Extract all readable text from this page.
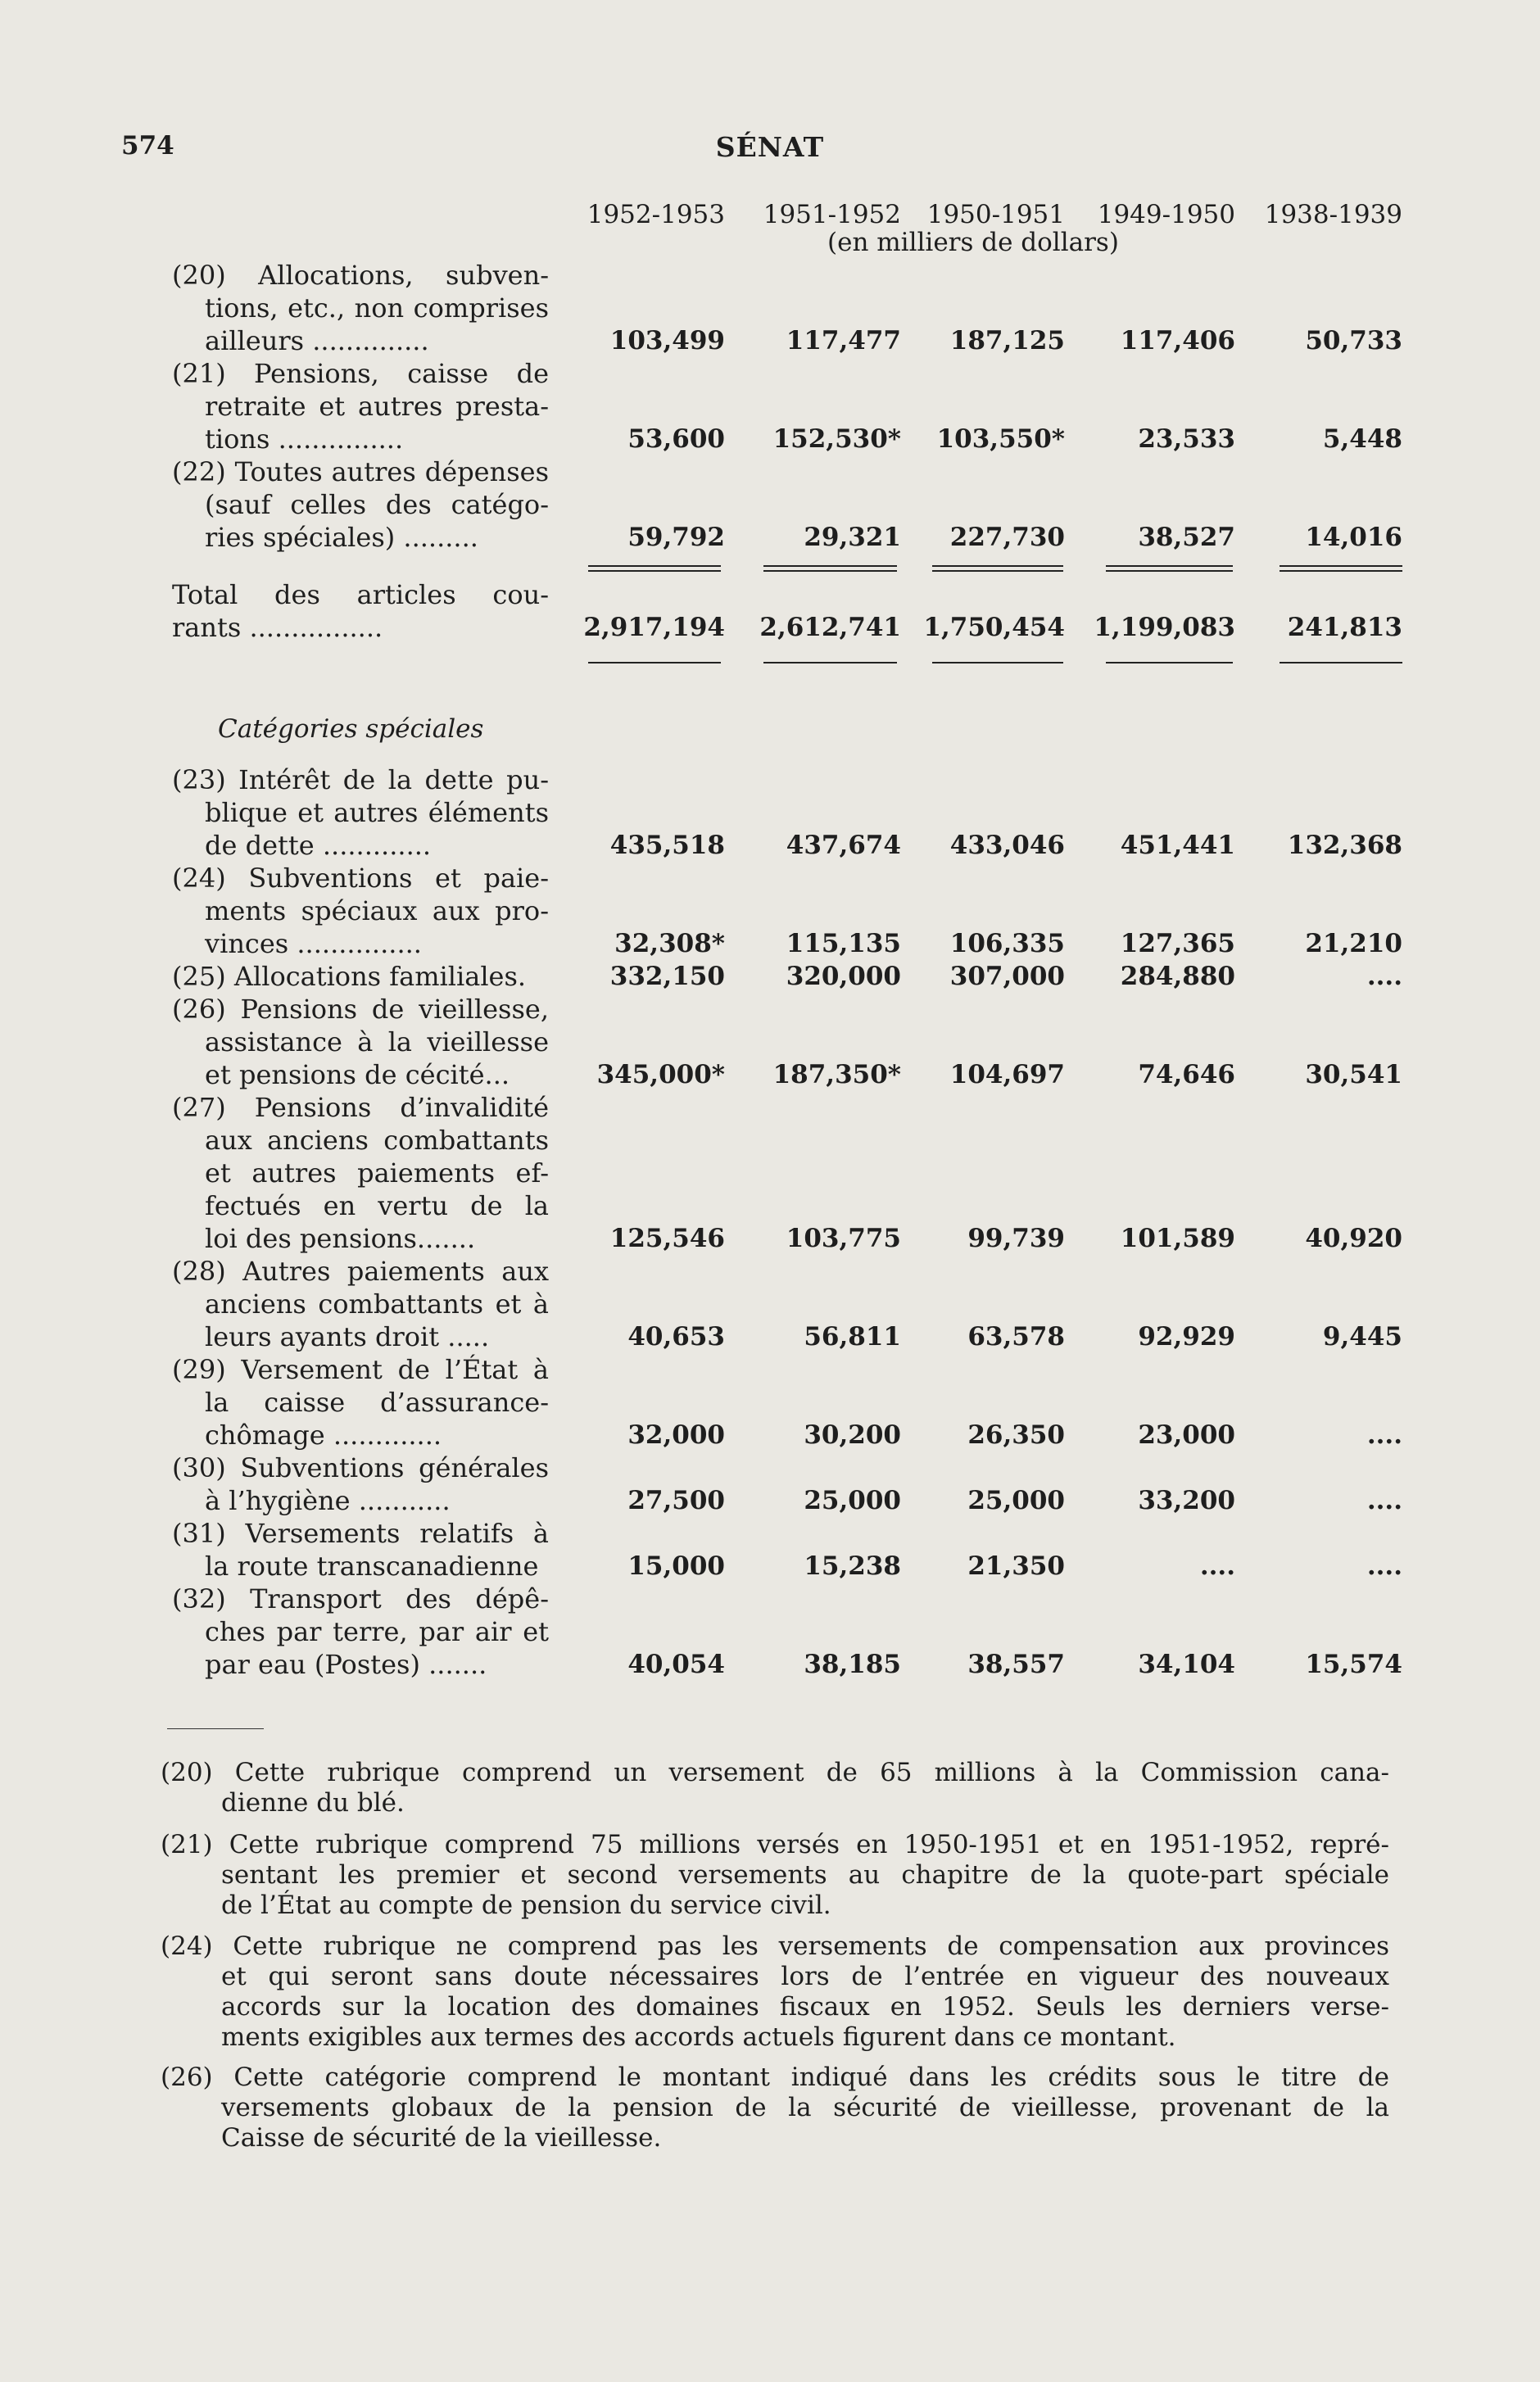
574	SÉNAT
1952-1953	1951-1952	1950-1951	1949-1950	1938-1939
(en milliers de dollars)
(20) Allocations, subven-
tions, etc., non comprises
ailleurs ..............	103,499	117,477	187,125	117,406	50,733
(21) Pensions, caisse de
retraite et autres presta-
tions ...............	53,600	152,530*	103,550*	23,533	5,448
(22) Toutes autres dépenses
(sauf celles des catégo-
ries spéciales) .........	59,792	29,321	227,730	38,527	14,016
Total des articles cou-
rants ................	2,917,194	2,612,741 1,750,454	1,199,083	241,813
(23) Intérêt de la dette pu-
blique et autres éléments
de dette .............	435,518	437,674	433,046	451,441	132,368
(24) Subventions et paie-
ments spéciaux aux pro-
vinces ...............	32,308*	115,135	106,335	127,365	21,210
(25) Allocations familiales.	332,150	320,000	307,000	284,880	....
(26) Pensions de vieillesse,
assistance à la vieillesse
et pensions de cécité...	345,000*	187,350*	104,697	74,646	30,541
(27) Pensions d’invalidité
aux anciens combattants
et autres paiements ef-
fectués en vertu de la
loi des pensions.......	125,546	103,775	99,739	101,589	40,920
(28) Autres paiements aux
anciens combattants et à
leurs ayants droit .....	40,653	56,811	63,578	92,929	9,445
(29) Versement de l’État à
la caisse d’assurance-
chômage .............	32,000	30,200	26,350	23,000	....
(30) Subventions générales
à l’hygiène ...........	27,500	25,000	25,000	33,200	....
(31) Versements relatifs à
la route transcanadienne	15,000	15,238	21,350	....	....
(32) Transport des dépê-
ches par terre, par air et
par eau (Postes) .......	40,054	38,185	38,557	34,104	15,574
Catégories spéciales
(20) Cette rubrique comprend un versement de 65 millions à la Commission cana-
dienne du blé.
(21) Cette rubrique comprend 75 millions versés en 1950-1951 et en 1951-1952, repré-
sentant les premier et second versements au chapitre de la quote-part spéciale
de l’État au compte de pension du service civil.
(24) Cette rubrique ne comprend pas les versements de compensation aux provinces
et qui seront sans doute nécessaires lors de l’entrée en vigueur des nouveaux
accords sur la location des domaines fiscaux en 1952. Seuls les derniers verse-
ments exigibles aux termes des accords actuels figurent dans ce montant.
(26) Cette catégorie comprend le montant indiqué dans les crédits sous le titre de
versements globaux de la pension de la sécurité de vieillesse, provenant de la
Caisse de sécurité de la vieillesse.
